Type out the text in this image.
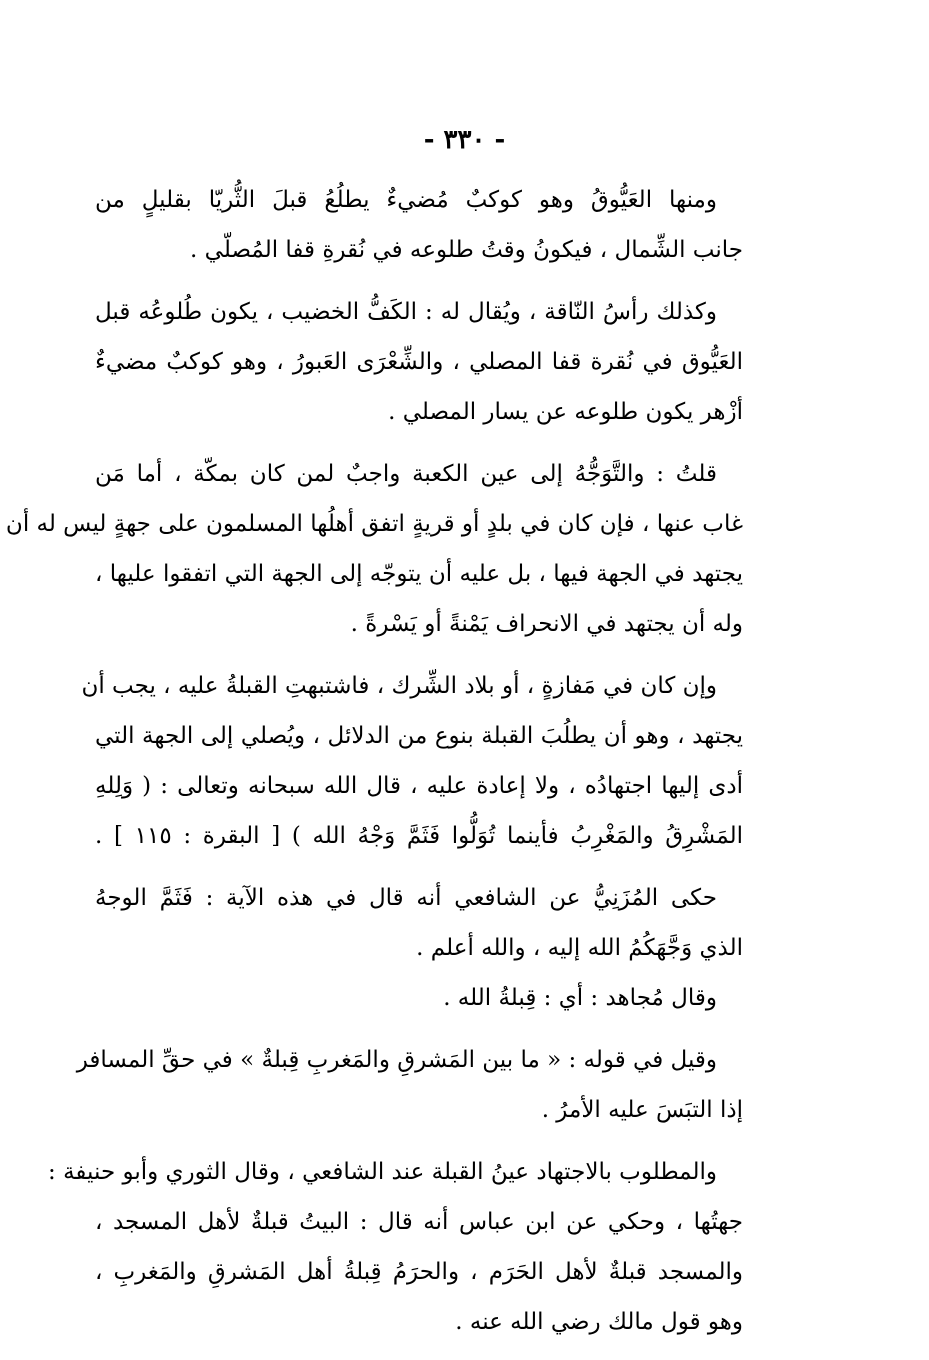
- ٣٣٠ -
ومنها العَيُّوقُ وهو كوكبٌ مُضيءٌ يطلُعُ قبلَ الثُّريّا بقليلٍ من
جانب الشِّمال ، فيكونُ وقتُ طلوعه في نُقرةِ قفا المُصلّي .
وكذلك رأسُ النّاقة ، ويُقال له : الكَفُّ الخضيب ، يكون طُلوعُه قبل
العَيُّوق في نُقرة قفا المصلي ، والشِّعْرَى العَبورُ ، وهو كوكبٌ مضيءٌ
أزْهر يكون طلوعه عن يسار المصلي .
قلتُ : والتَّوَجُّهُ إلى عين الكعبة واجبٌ لمن كان بمكّة ، أما مَن
غاب عنها ، فإن كان في بلدٍ أو قريةٍ اتفق أهلُها المسلمون على جهةٍ ليس له أن
يجتهد في الجهة فيها ، بل عليه أن يتوجّه إلى الجهة التي اتفقوا عليها ،
وله أن يجتهد في الانحراف يَمْنةً أو يَسْرةً .
وإن كان في مَفازةٍ ، أو بلاد الشِّرك ، فاشتبهتِ القبلةُ عليه ، يجب أن
يجتهد ، وهو أن يطلُبَ القبلة بنوع من الدلائل ، ويُصلي إلى الجهة التي
أدى إليها اجتهادُه ، ولا إعادة عليه ، قال الله سبحانه وتعالى : ( وَلِلهِ
المَشْرِقُ والمَغْرِبُ فأينما تُوَلُّوا فَثَمَّ وَجْهُ الله ) [ البقرة : ١١٥ ] .
حكى المُزَنِيُّ عن الشافعي أنه قال في هذه الآية : فَثَمَّ الوجهُ
الذي وَجَّهَكُمُ الله إليه ، والله أعلم .
وقال مُجاهد : أي : قِبلةُ الله .
وقيل في قوله : « ما بين المَشرقِ والمَغربِ قِبلةٌ » في حقِّ المسافر
إذا التبَسَ عليه الأمرُ .
والمطلوب بالاجتهاد عينُ القبلة عند الشافعي ، وقال الثوري وأبو حنيفة :
جهتُها ، وحكي عن ابن عباس أنه قال : البيتُ قبلةٌ لأهل المسجد ،
والمسجد قبلةٌ لأهل الحَرَم ، والحرَمُ قِبلةُ أهل المَشرقِ والمَغربِ ،
وهو قول مالك رضي الله عنه .
